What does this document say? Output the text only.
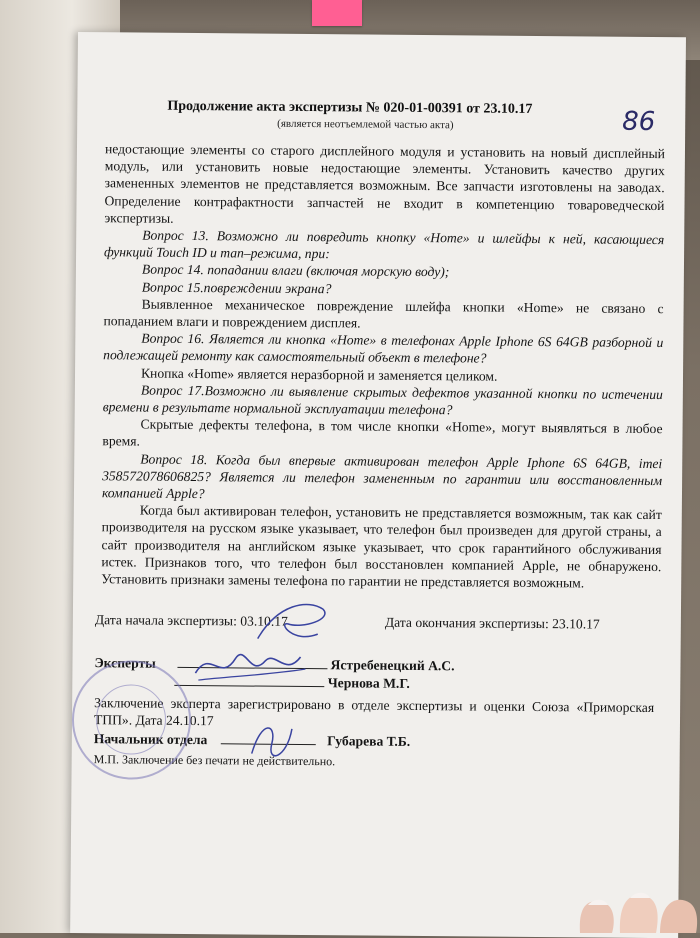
86
Продолжение акта экспертизы № 020-01-00391 от 23.10.17
(является неотъемлемой частью акта)

недостающие элементы со старого дисплейного модуля и установить на новый дисплейный модуль, или установить новые недостающие элементы. Установить качество других замененных элементов не представляется возможным. Все запчасти изготовлены на заводах. Определение контрафактности запчастей не входит в компетенцию товароведческой экспертизы.

Вопрос 13. Возможно ли повредить кнопку «Home» и шлейфы к ней, касающиеся функций Touch ID и тап–режима, при:

Вопрос 14. попадании влаги (включая морскую воду);

Вопрос 15.повреждении экрана?

Выявленное механическое повреждение шлейфа кнопки «Home» не связано с попаданием влаги и повреждением дисплея.

Вопрос 16. Является ли кнопка «Home» в телефонах Apple Iphone 6S 64GB разборной и подлежащей ремонту как самостоятельный объект в телефоне?

Кнопка «Home» является неразборной и заменяется целиком.

Вопрос 17.Возможно ли выявление скрытых дефектов указанной кнопки по истечении времени в результате нормальной эксплуатации телефона?

Скрытые дефекты телефона, в том числе кнопки «Home», могут выявляться в любое время.

Вопрос 18. Когда был впервые активирован телефон Apple Iphone 6S 64GB, imei 358572078606825? Является ли телефон замененным по гарантии или восстановленным компанией Apple?

Когда был активирован телефон, установить не представляется возможным, так как сайт производителя на русском языке указывает, что телефон был произведен для другой страны, а сайт производителя на английском языке указывает, что срок гарантийного обслуживания истек. Признаков того, что телефон был восстановлен компанией Apple, не обнаружено. Установить признаки замены телефона по гарантии не представляется возможным.

Дата начала экспертизы: 03.10.17	Дата окончания экспертизы: 23.10.17
Эксперты	Ястребенецкий А.С.
Чернова М.Г.
Заключение эксперта зарегистрировано в отделе экспертизы и оценки Союза «Приморская ТПП». Дата 24.10.17
Начальник отдела	Губарева Т.Б.
М.П. Заключение без печати не действительно.
